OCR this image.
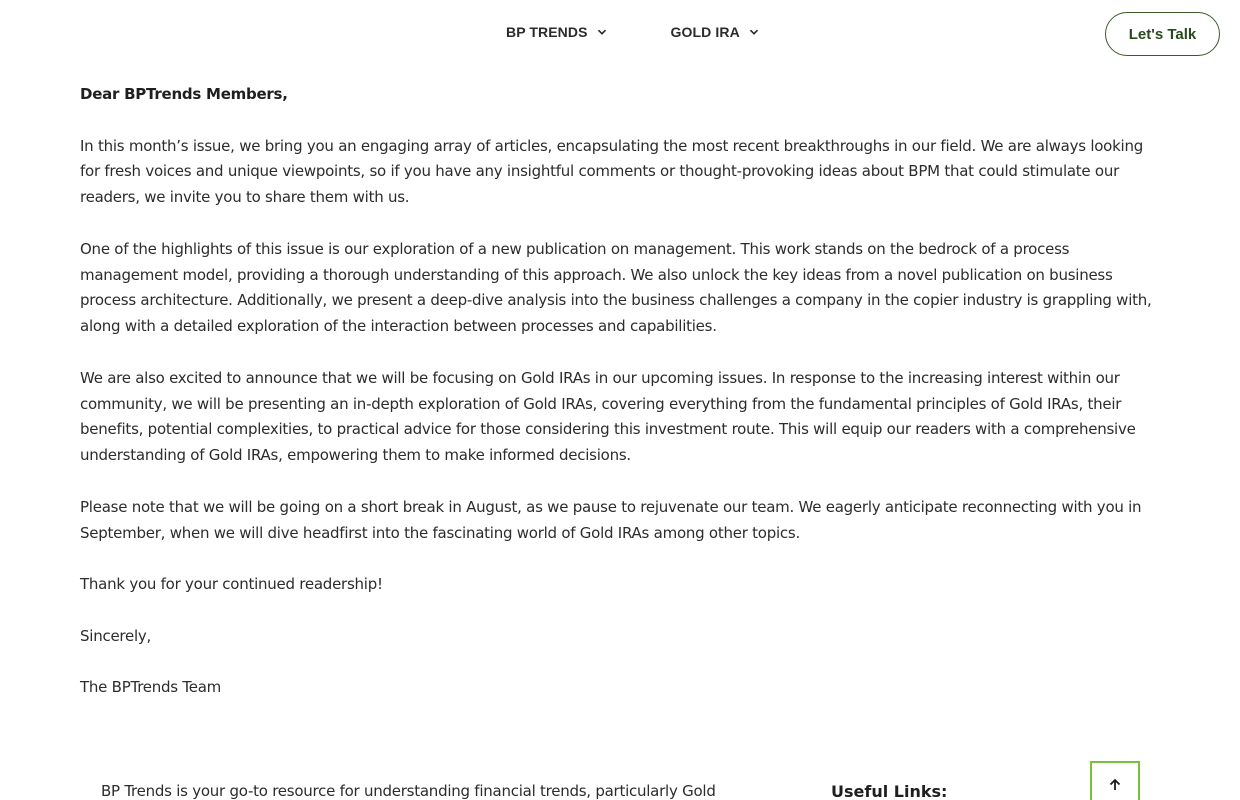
BP TRENDS	GOLD IRA	Let's Talk

Dear BPTrends Members,

In this month’s issue, we bring you an engaging array of articles, encapsulating the most recent breakthroughs in our field. We are always looking for fresh voices and unique viewpoints, so if you have any insightful comments or thought-provoking ideas about BPM that could stimulate our readers, we invite you to share them with us.

One of the highlights of this issue is our exploration of a new publication on management. This work stands on the bedrock of a process management model, providing a thorough understanding of this approach. We also unlock the key ideas from a novel publication on business process architecture. Additionally, we present a deep-dive analysis into the business challenges a company in the copier industry is grappling with, along with a detailed exploration of the interaction between processes and capabilities.

We are also excited to announce that we will be focusing on Gold IRAs in our upcoming issues. In response to the increasing interest within our community, we will be presenting an in-depth exploration of Gold IRAs, covering everything from the fundamental principles of Gold IRAs, their benefits, potential complexities, to practical advice for those considering this investment route. This will equip our readers with a comprehensive understanding of Gold IRAs, empowering them to make informed decisions.

Please note that we will be going on a short break in August, as we pause to rejuvenate our team. We eagerly anticipate reconnecting with you in September, when we will dive headfirst into the fascinating world of Gold IRAs among other topics.

Thank you for your continued readership!

Sincerely,

The BPTrends Team

BP Trends is your go-to resource for understanding financial trends, particularly Gold	Useful Links:
